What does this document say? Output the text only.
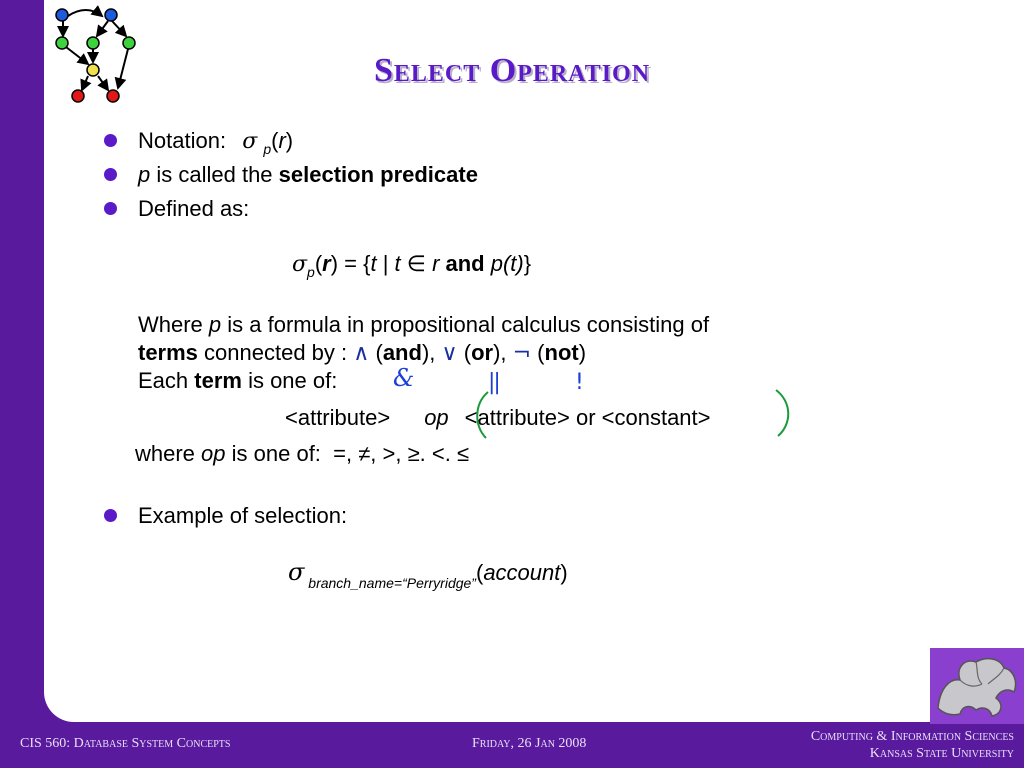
Select Operation
Notation: σ $_p$(r)
p is called the selection predicate
Defined as:
$\sigma_p(r) = \{t$ | t ∈ r and p(t)}
Where p is a formula in propositional calculus consisting of
terms connected by : ∧ (and), ∨ (or), ¬ (not)
Each term is one of: &	||	!
<attribute> op <attribute> or <constant>
where op is one of:  =, ≠, >, ≥. <. ≤
Example of selection:
σ $_{branch\_name=“Perryridge”}$(account)
CIS 560: Database System Concepts	Friday, 26 Jan 2008	Computing & Information Sciences
Kansas State University
